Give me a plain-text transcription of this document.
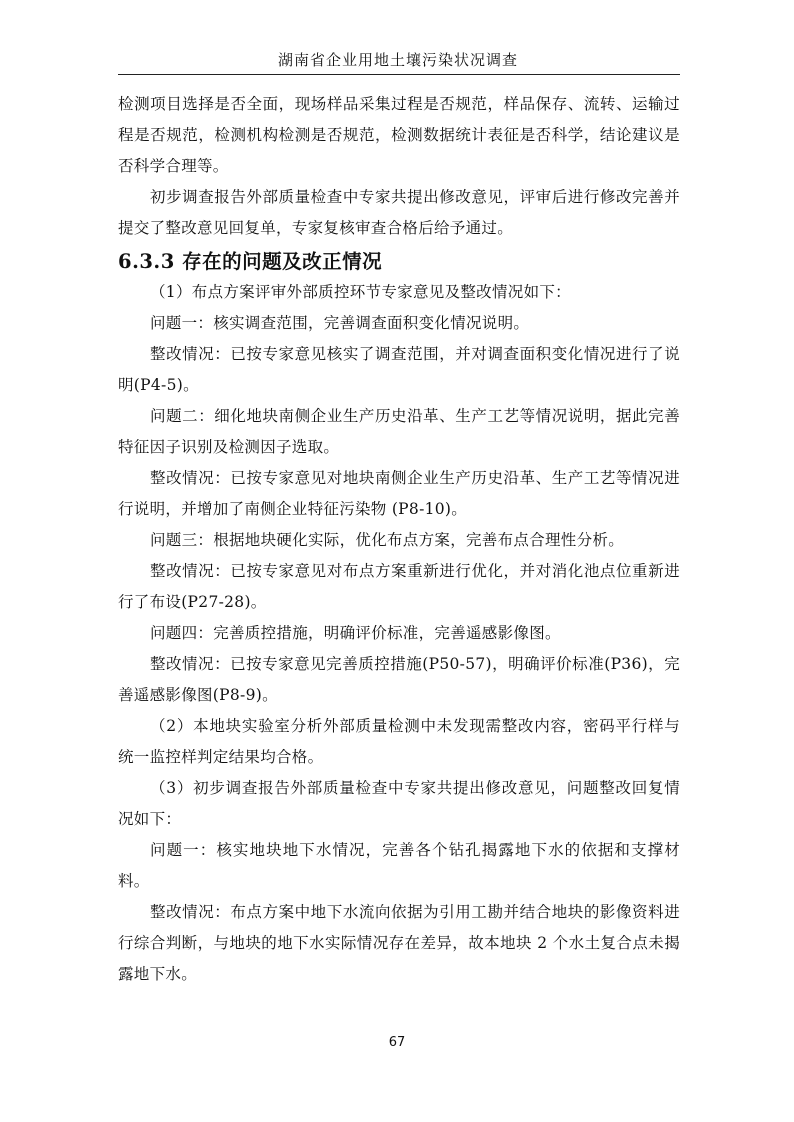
湖南省企业用地土壤污染状况调查

检测项目选择是否全面，现场样品采集过程是否规范，样品保存、流转、运输过程是否规范，检测机构检测是否规范，检测数据统计表征是否科学，结论建议是否科学合理等。

初步调查报告外部质量检查中专家共提出修改意见，评审后进行修改完善并提交了整改意见回复单，专家复核审查合格后给予通过。

6.3.3 存在的问题及改正情况

（1）布点方案评审外部质控环节专家意见及整改情况如下：

问题一：核实调查范围，完善调查面积变化情况说明。

整改情况：已按专家意见核实了调查范围，并对调查面积变化情况进行了说明(P4-5)。

问题二：细化地块南侧企业生产历史沿革、生产工艺等情况说明，据此完善特征因子识别及检测因子选取。

整改情况：已按专家意见对地块南侧企业生产历史沿革、生产工艺等情况进行说明，并增加了南侧企业特征污染物 (P8-10)。

问题三：根据地块硬化实际，优化布点方案，完善布点合理性分析。

整改情况：已按专家意见对布点方案重新进行优化，并对消化池点位重新进行了布设(P27-28)。

问题四：完善质控措施，明确评价标准，完善遥感影像图。

整改情况：已按专家意见完善质控措施(P50-57)，明确评价标准(P36)，完善遥感影像图(P8-9)。

（2）本地块实验室分析外部质量检测中未发现需整改内容，密码平行样与统一监控样判定结果均合格。

（3）初步调查报告外部质量检查中专家共提出修改意见，问题整改回复情况如下：

问题一：核实地块地下水情况，完善各个钻孔揭露地下水的依据和支撑材料。

整改情况：布点方案中地下水流向依据为引用工勘并结合地块的影像资料进行综合判断，与地块的地下水实际情况存在差异，故本地块 2 个水土复合点未揭露地下水。

67
